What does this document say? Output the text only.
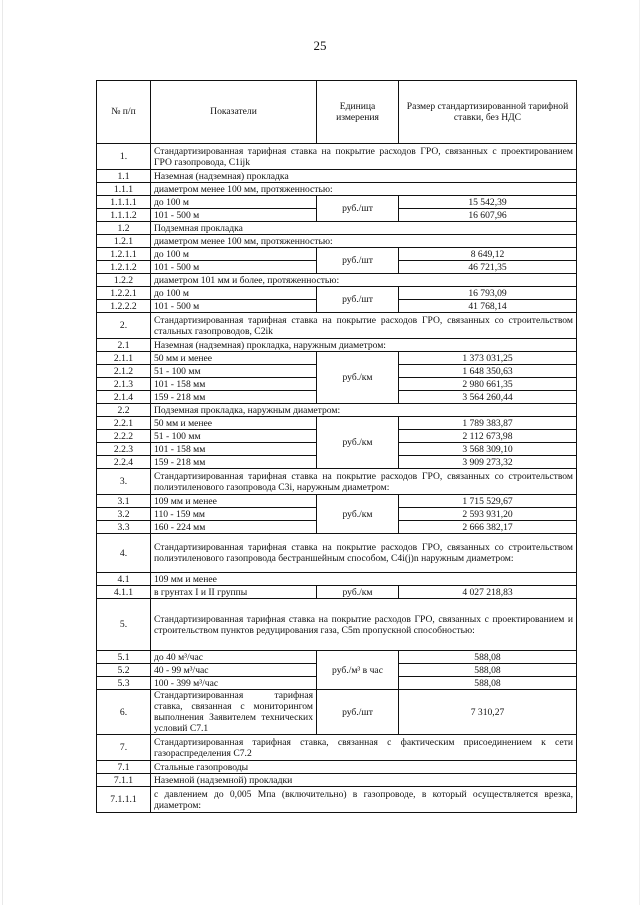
25
№ п/п	Показатели	Единица измерения	Размер стандартизированной тарифной ставки, без НДС
1.	Стандартизированная тарифная ставка на покрытие расходов ГРО, связанных с проектированием ГРО газопровода, C1ijk		
1.1	Наземная (надземная) прокладка		
1.1.1	диаметром менее 100 мм, протяженностью:		
1.1.1.1	до 100 м	руб./шт	15 542,39
1.1.1.2	101 - 500 м		16 607,96
1.2	Подземная прокладка		
1.2.1	диаметром менее 100 мм, протяженностью:		
1.2.1.1	до 100 м	руб./шт	8 649,12
1.2.1.2	101 - 500 м		46 721,35
1.2.2	диаметром 101 мм и более, протяженностью:		
1.2.2.1	до 100 м	руб./шт	16 793,09
1.2.2.2	101 - 500 м		41 768,14
2.	Стандартизированная тарифная ставка на покрытие расходов ГРО, связанных со строительством стальных газопроводов, C2ik		
2.1	Наземная (надземная) прокладка, наружным диаметром:		
2.1.1	50 мм и менее	руб./км	1 373 031,25
2.1.2	51 - 100 мм		1 648 350,63
2.1.3	101 - 158 мм		2 980 661,35
2.1.4	159 - 218 мм		3 564 260,44
2.2	Подземная прокладка, наружным диаметром:		
2.2.1	50 мм и менее	руб./км	1 789 383,87
2.2.2	51 - 100 мм		2 112 673,98
2.2.3	101 - 158 мм		3 568 309,10
2.2.4	159 - 218 мм		3 909 273,32
3.	Стандартизированная тарифная ставка на покрытие расходов ГРО, связанных со строительством полиэтиленового газопровода C3i, наружным диаметром:		
3.1	109 мм и менее	руб./км	1 715 529,67
3.2	110 - 159 мм		2 593 931,20
3.3	160 - 224 мм		2 666 382,17
4.	Стандартизированная тарифная ставка на покрытие расходов ГРО, связанных со строительством полиэтиленового газопровода бестраншейным способом, C4i(j)n наружным диаметром:		
4.1	109 мм и менее		
4.1.1	в грунтах I и II группы	руб./км	4 027 218,83
5.	Стандартизированная тарифная ставка на покрытие расходов ГРО, связанных с проектированием и строительством пунктов редуцирования газа, C5m пропускной способностью:		
5.1	до 40 м³/час	руб./м³ в час	588,08
5.2	40 - 99 м³/час		588,08
5.3	100 - 399 м³/час		588,08
6.	Стандартизированная тарифная ставка, связанная с мониторингом выполнения Заявителем технических условий C7.1	руб./шт	7 310,27
7.	Стандартизированная тарифная ставка, связанная с фактическим присоединением к сети газораспределения C7.2		
7.1	Стальные газопроводы		
7.1.1	Наземной (надземной) прокладки		
7.1.1.1	с давлением до 0,005 Мпа (включительно) в газопроводе, в который осуществляется врезка, диаметром:		
